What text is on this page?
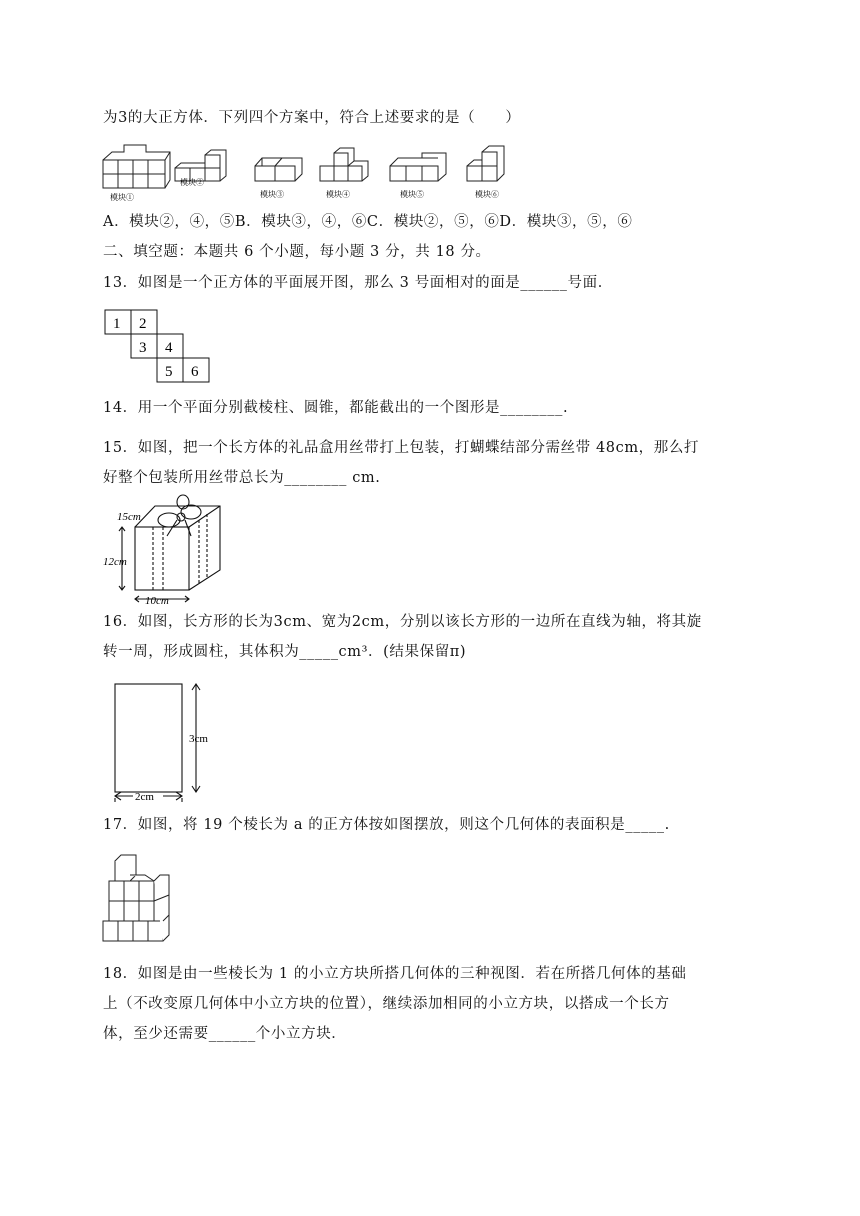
为3的大正方体．下列四个方案中，符合上述要求的是（　　）
模块①
模块②
模块③	模块④	模块⑤	模块⑥
A．模块②，④，⑤B．模块③，④，⑥C．模块②，⑤，⑥D．模块③，⑤，⑥
二、填空题：本题共 6 个小题，每小题 3 分，共 18 分。
13．如图是一个正方体的平面展开图，那么 3 号面相对的面是______号面．
1 2
3 4
5 6
14．用一个平面分别截棱柱、圆锥，都能截出的一个图形是________.
15．如图，把一个长方体的礼品盒用丝带打上包装，打蝴蝶结部分需丝带 48cm，那么打
好整个包装所用丝带总长为________ cm.
15cm
12cm
10cm
16．如图，长方形的长为3cm、宽为2cm，分别以该长方形的一边所在直线为轴，将其旋
转一周，形成圆柱，其体积为_____cm³．(结果保留π)
3cm
2cm
17．如图，将 19 个棱长为 a 的正方体按如图摆放，则这个几何体的表面积是_____.
18．如图是由一些棱长为 1 的小立方块所搭几何体的三种视图．若在所搭几何体的基础
上（不改变原几何体中小立方块的位置），继续添加相同的小立方块，以搭成一个长方
体，至少还需要______个小立方块．
